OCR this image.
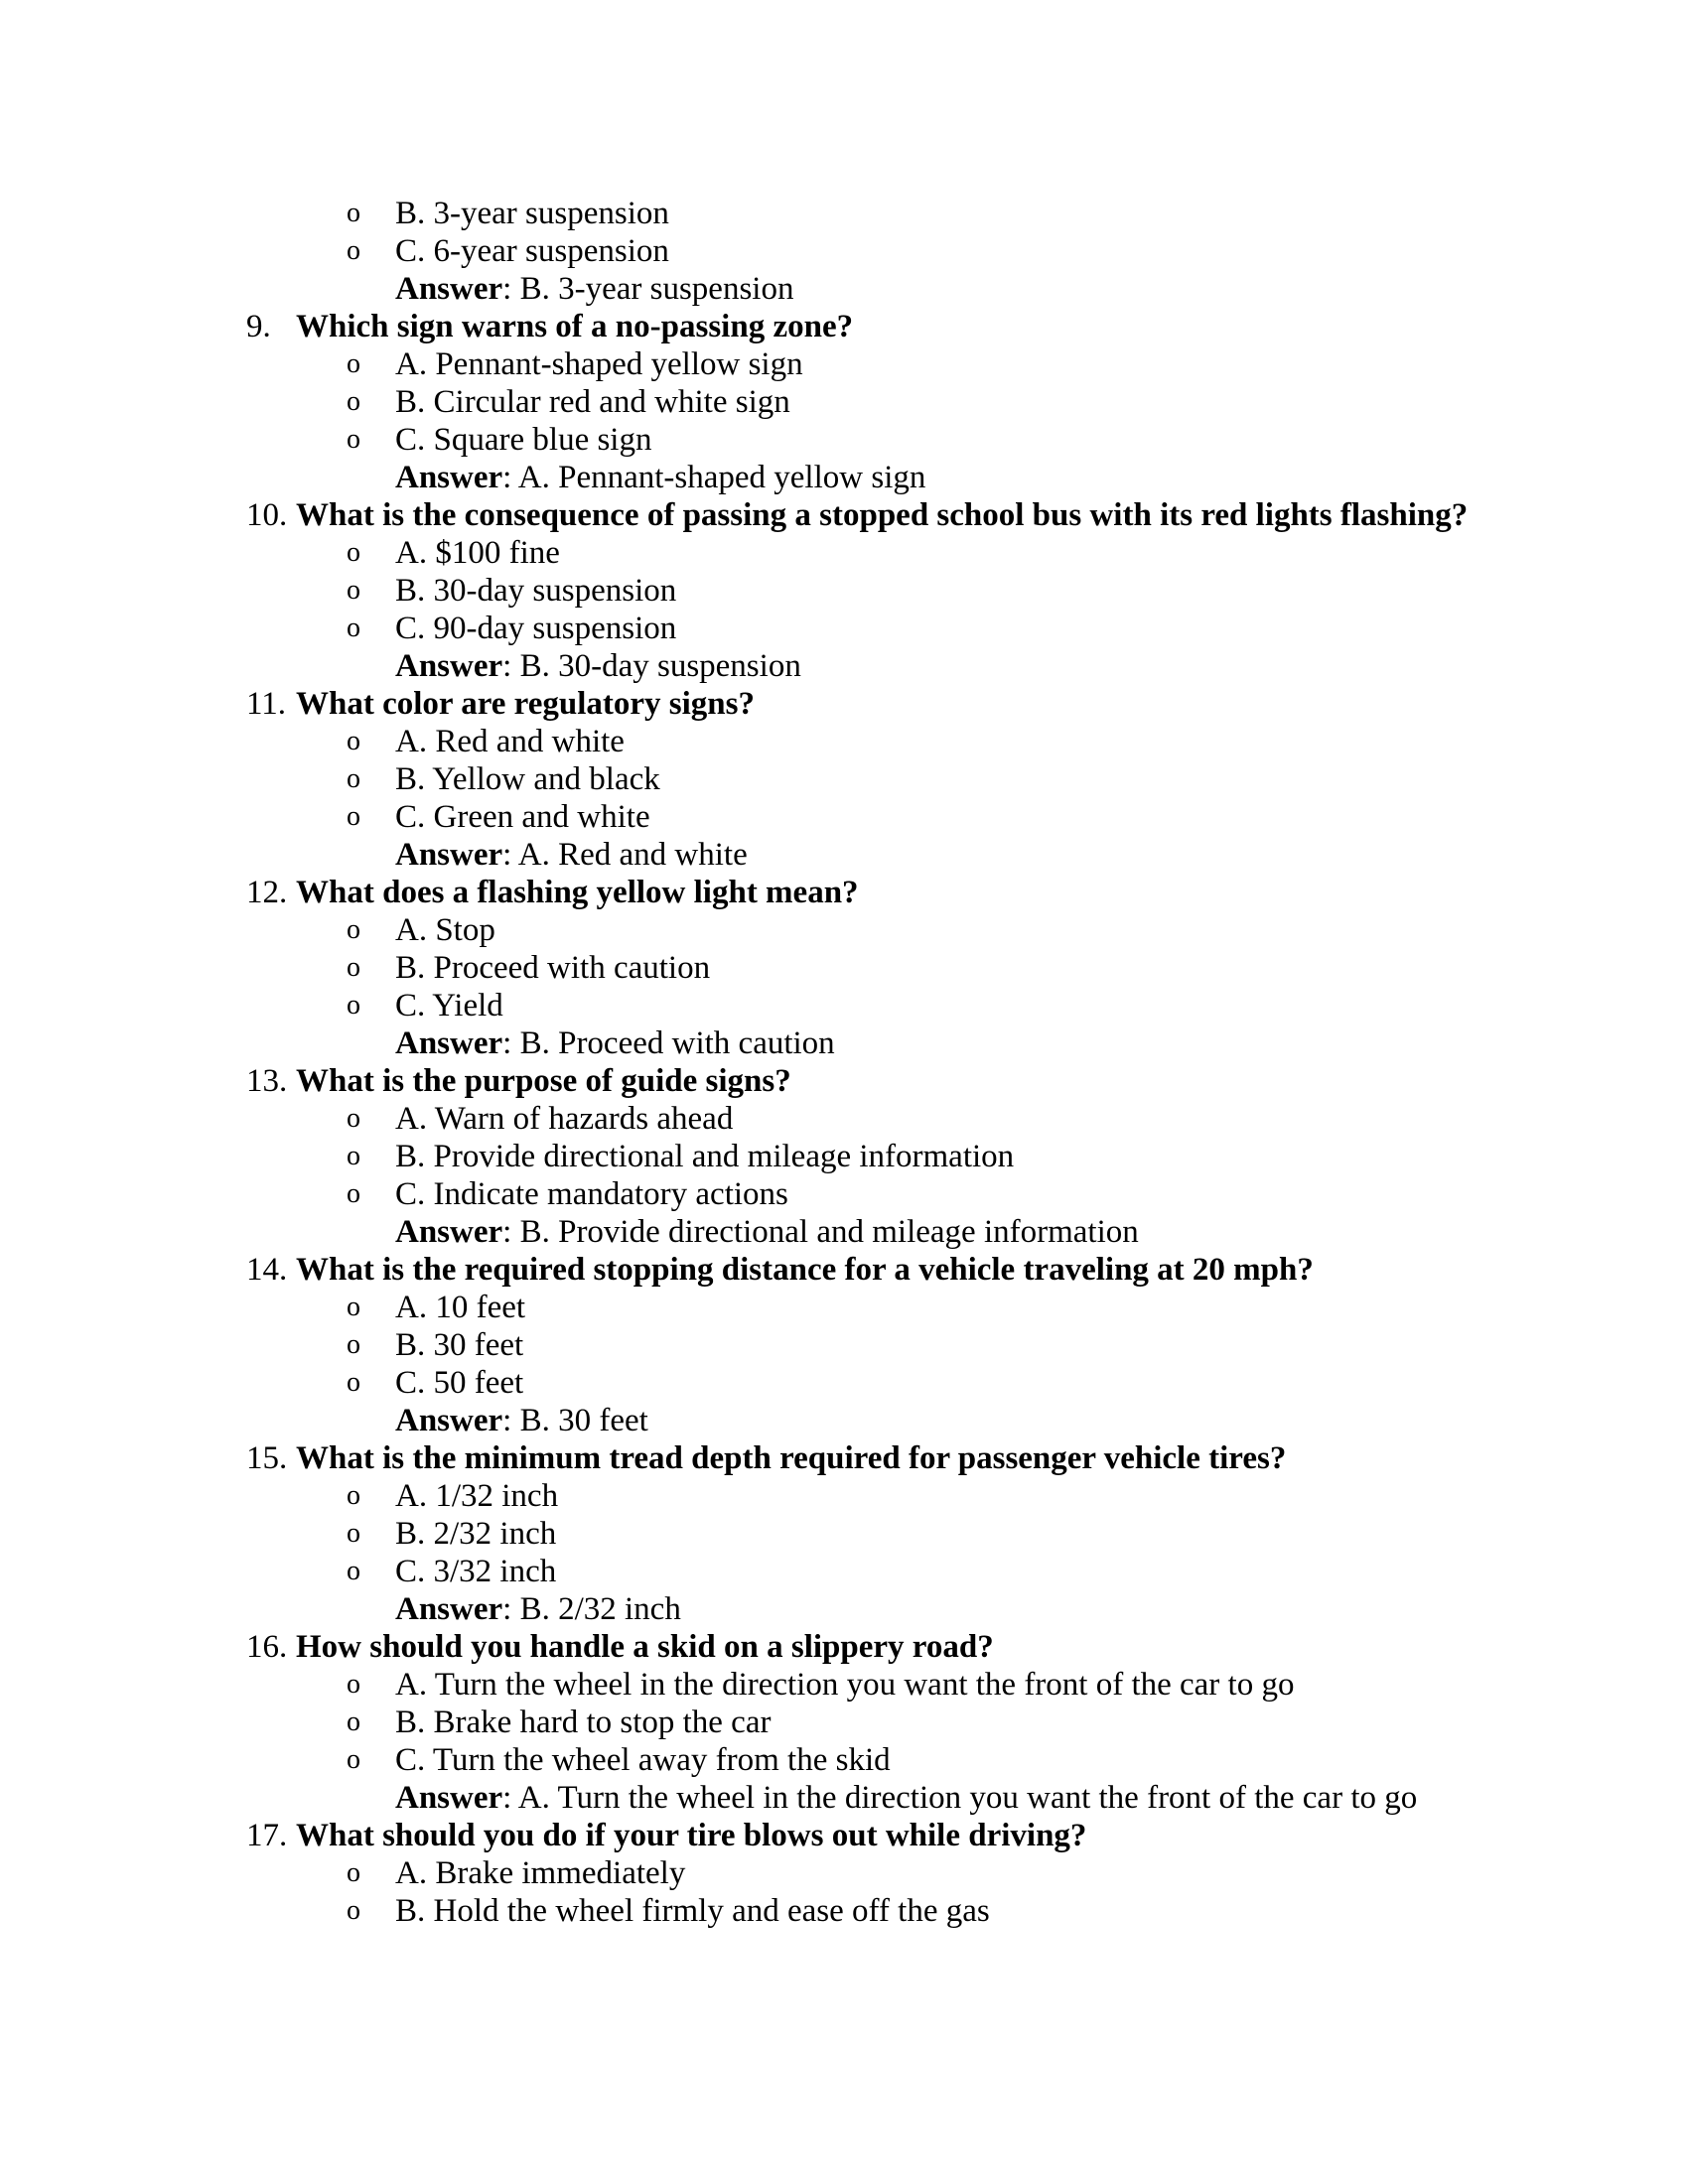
o B. 3-year suspension
o C. 6-year suspension
Answer: B. 3-year suspension
9. Which sign warns of a no-passing zone?
o A. Pennant-shaped yellow sign
o B. Circular red and white sign
o C. Square blue sign
Answer: A. Pennant-shaped yellow sign
10. What is the consequence of passing a stopped school bus with its red lights flashing?
o A. $100 fine
o B. 30-day suspension
o C. 90-day suspension
Answer: B. 30-day suspension
11. What color are regulatory signs?
o A. Red and white
o B. Yellow and black
o C. Green and white
Answer: A. Red and white
12. What does a flashing yellow light mean?
o A. Stop
o B. Proceed with caution
o C. Yield
Answer: B. Proceed with caution
13. What is the purpose of guide signs?
o A. Warn of hazards ahead
o B. Provide directional and mileage information
o C. Indicate mandatory actions
Answer: B. Provide directional and mileage information
14. What is the required stopping distance for a vehicle traveling at 20 mph?
o A. 10 feet
o B. 30 feet
o C. 50 feet
Answer: B. 30 feet
15. What is the minimum tread depth required for passenger vehicle tires?
o A. 1/32 inch
o B. 2/32 inch
o C. 3/32 inch
Answer: B. 2/32 inch
16. How should you handle a skid on a slippery road?
o A. Turn the wheel in the direction you want the front of the car to go
o B. Brake hard to stop the car
o C. Turn the wheel away from the skid
Answer: A. Turn the wheel in the direction you want the front of the car to go
17. What should you do if your tire blows out while driving?
o A. Brake immediately
o B. Hold the wheel firmly and ease off the gas
